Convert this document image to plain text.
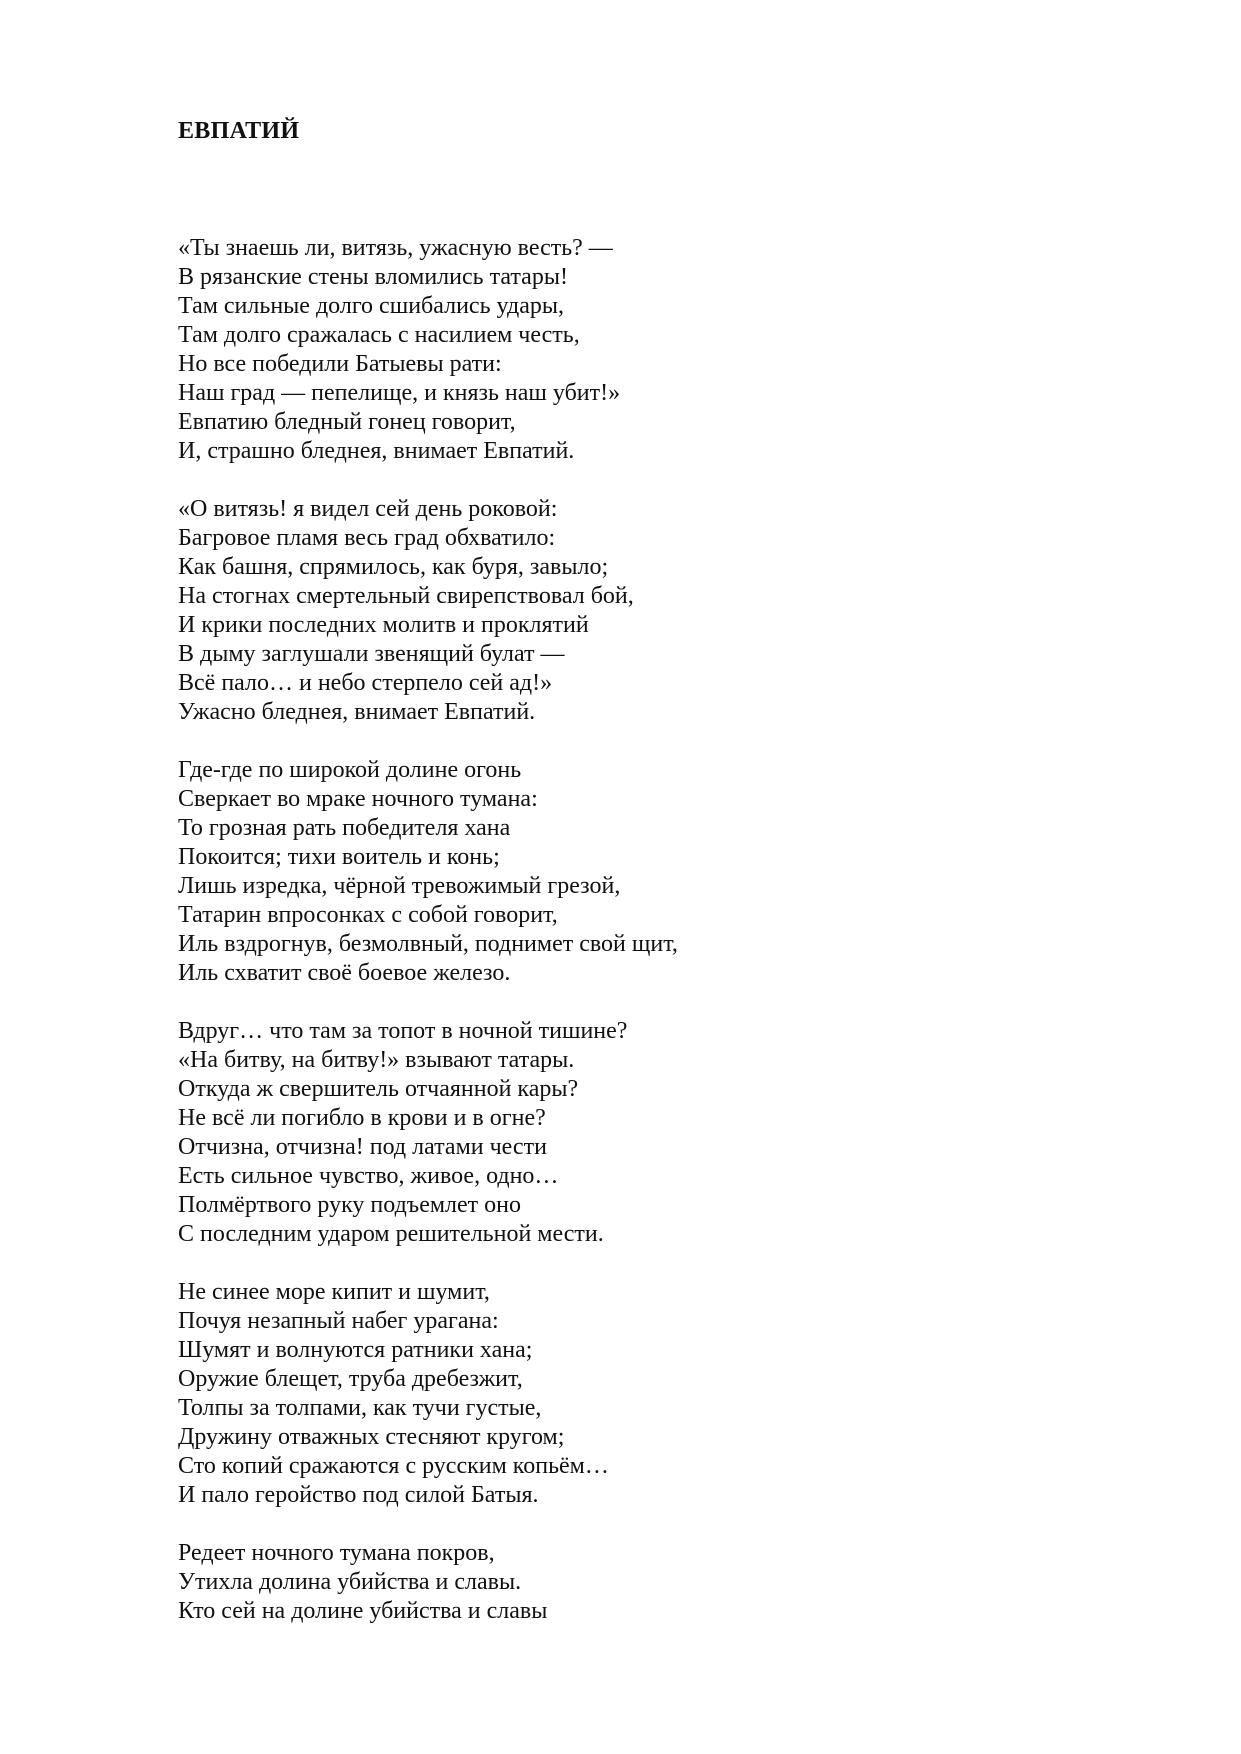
ЕВПАТИЙ
«Ты знаешь ли, витязь, ужасную весть? —
В рязанские стены вломились татары!
Там сильные долго сшибались удары,
Там долго сражалась с насилием честь,
Но все победили Батыевы рати:
Наш град — пепелище, и князь наш убит!»
Евпатию бледный гонец говорит,
И, страшно бледнея, внимает Евпатий.
«О витязь! я видел сей день роковой:
Багровое пламя весь град обхватило:
Как башня, спрямилось, как буря, завыло;
На стогнах смертельный свирепствовал бой,
И крики последних молитв и проклятий
В дыму заглушали звенящий булат —
Всё пало… и небо стерпело сей ад!»
Ужасно бледнея, внимает Евпатий.
Где-где по широкой долине огонь
Сверкает во мраке ночного тумана:
То грозная рать победителя хана
Покоится; тихи воитель и конь;
Лишь изредка, чёрной тревожимый грезой,
Татарин впросонках с собой говорит,
Иль вздрогнув, безмолвный, поднимет свой щит,
Иль схватит своё боевое железо.
Вдруг… что там за топот в ночной тишине?
«На битву, на битву!» взывают татары.
Откуда ж свершитель отчаянной кары?
Не всё ли погибло в крови и в огне?
Отчизна, отчизна! под латами чести
Есть сильное чувство, живое, одно…
Полмёртвого руку подъемлет оно
С последним ударом решительной мести.
Не синее море кипит и шумит,
Почуя незапный набег урагана:
Шумят и волнуются ратники хана;
Оружие блещет, труба дребезжит,
Толпы за толпами, как тучи густые,
Дружину отважных стесняют кругом;
Сто копий сражаются с русским копьём…
И пало геройство под силой Батыя.
Редеет ночного тумана покров,
Утихла долина убийства и славы.
Кто сей на долине убийства и славы
